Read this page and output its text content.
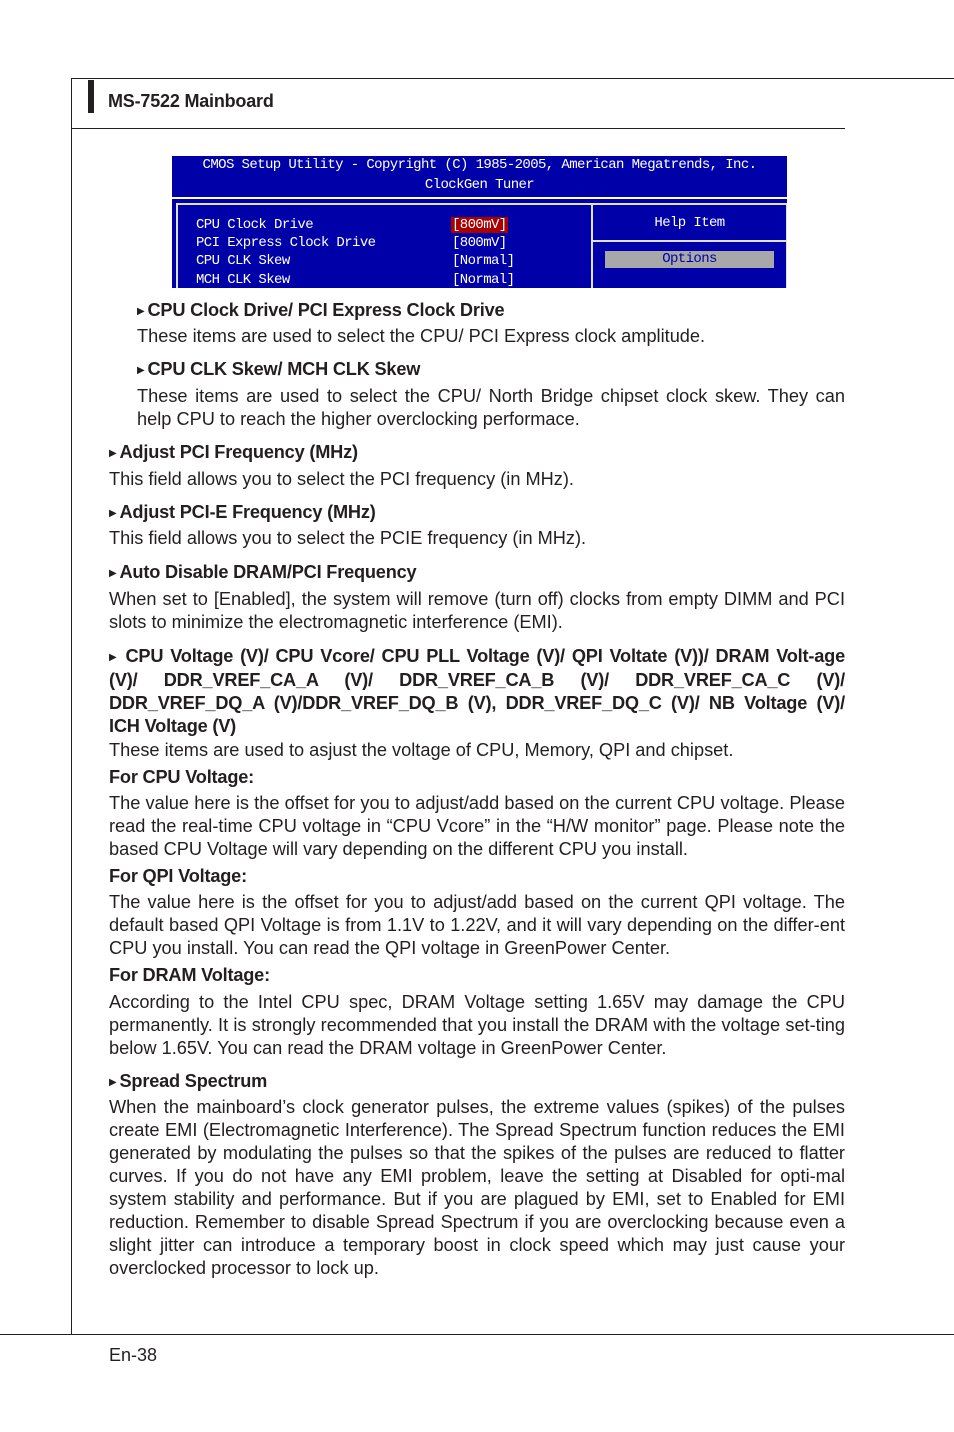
MS-7522 Mainboard
En-38
CMOS Setup Utility - Copyright (C) 1985-2005, American Megatrends, Inc.
ClockGen Tuner
CPU Clock Drive	[800mV]
PCI Express Clock Drive	[800mV]
CPU CLK Skew	[Normal]
MCH CLK Skew	[Normal]
Help Item
Options
▶ CPU Clock Drive/ PCI Express Clock Drive
These items are used to select the CPU/ PCI Express clock amplitude.
▶ CPU CLK Skew/ MCH CLK Skew
These items are used to select the CPU/ North Bridge chipset clock skew. They can help CPU to reach the higher overclocking performace.
▶ Adjust PCI Frequency (MHz)
This field allows you to select the PCI frequency (in MHz).
▶ Adjust PCI-E Frequency (MHz)
This field allows you to select the PCIE frequency (in MHz).
▶ Auto Disable DRAM/PCI Frequency
When set to [Enabled], the system will remove (turn off) clocks from empty DIMM and PCI slots to minimize the electromagnetic interference (EMI).
▶ CPU Voltage (V)/ CPU Vcore/ CPU PLL Voltage (V)/ QPI Voltate (V))/ DRAM Volt-age (V)/ DDR_VREF_CA_A (V)/ DDR_VREF_CA_B (V)/ DDR_VREF_CA_C (V)/ DDR_VREF_DQ_A (V)/DDR_VREF_DQ_B (V), DDR_VREF_DQ_C (V)/ NB Voltage (V)/ ICH Voltage (V)
These items are used to asjust the voltage of CPU, Memory, QPI and chipset.
For CPU Voltage:
The value here is the offset for you to adjust/add based on the current CPU voltage. Please read the real-time CPU voltage in “CPU Vcore” in the “H/W monitor” page. Please note the based CPU Voltage will vary depending on the different CPU you install.
For QPI Voltage:
The value here is the offset for you to adjust/add based on the current QPI voltage. The default based QPI Voltage is from 1.1V to 1.22V, and it will vary depending on the differ-ent CPU you install. You can read the QPI voltage in GreenPower Center.
For DRAM Voltage:
According to the Intel CPU spec, DRAM Voltage setting 1.65V may damage the CPU permanently. It is strongly recommended that you install the DRAM with the voltage set-ting below 1.65V. You can read the DRAM voltage in GreenPower Center.
▶ Spread Spectrum
When the mainboard’s clock generator pulses, the extreme values (spikes) of the pulses create EMI (Electromagnetic Interference). The Spread Spectrum function reduces the EMI generated by modulating the pulses so that the spikes of the pulses are reduced to flatter curves. If you do not have any EMI problem, leave the setting at Disabled for opti-mal system stability and performance. But if you are plagued by EMI, set to Enabled for EMI reduction. Remember to disable Spread Spectrum if you are overclocking because even a slight jitter can introduce a temporary boost in clock speed which may just cause your overclocked processor to lock up.
